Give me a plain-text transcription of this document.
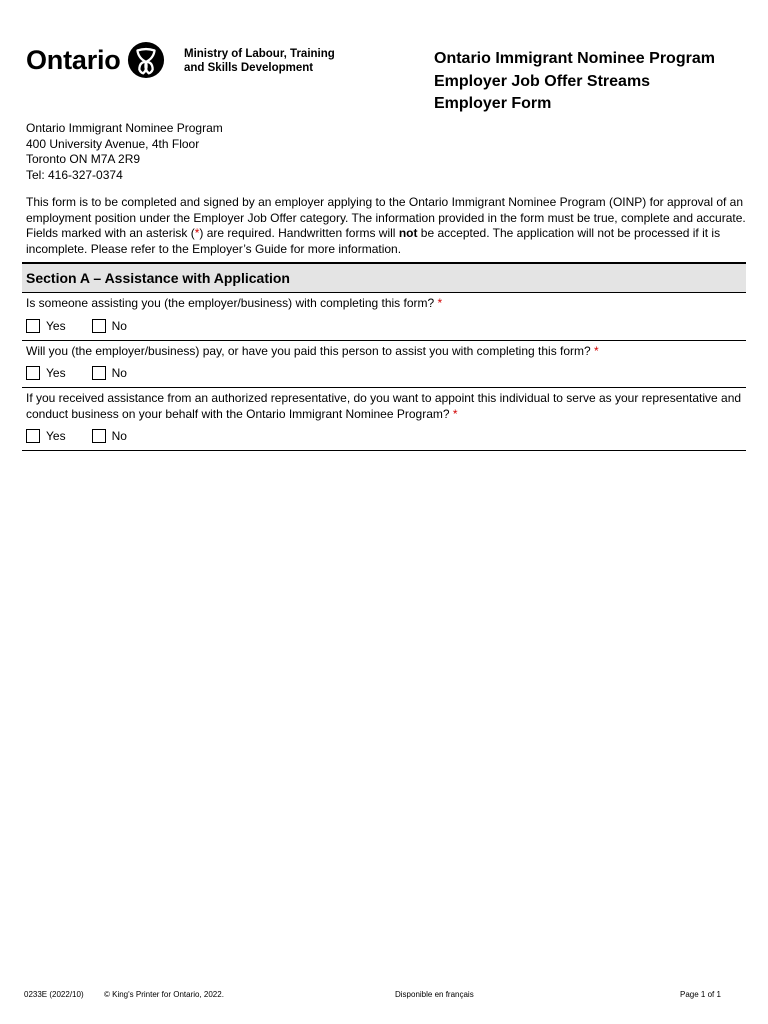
Ontario	Ministry of Labour, Training
and Skills Development
Ontario Immigrant Nominee Program
Employer Job Offer Streams
Employer Form
Ontario Immigrant Nominee Program
400 University Avenue, 4th Floor
Toronto ON M7A 2R9
Tel: 416-327-0374
This form is to be completed and signed by an employer applying to the Ontario Immigrant Nominee Program (OINP) for approval of an employment position under the Employer Job Offer category. The information provided in the form must be true, complete and accurate. Fields marked with an asterisk (*) are required. Handwritten forms will not be accepted. The application will not be processed if it is incomplete. Please refer to the Employer’s Guide for more information.
Section A – Assistance with Application
Is someone assisting you (the employer/business) with completing this form? *
Yes	No
Will you (the employer/business) pay, or have you paid this person to assist you with completing this form? *
Yes	No
If you received assistance from an authorized representative, do you want to appoint this individual to serve as your representative and conduct business on your behalf with the Ontario Immigrant Nominee Program? *
Yes	No
0233E (2022/10)	© King's Printer for Ontario, 2022.	Disponible en français	Page 1 of 1
